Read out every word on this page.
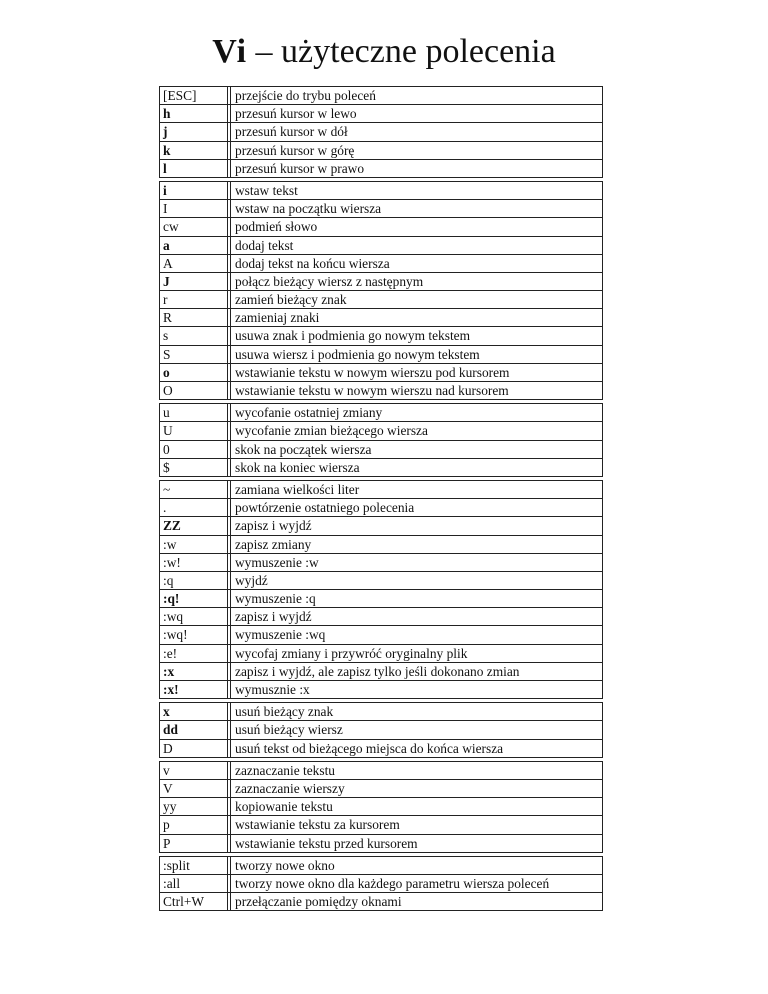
Vi – użyteczne polecenia
[ESC]	przejście do trybu poleceń
h	przesuń kursor w lewo
j	przesuń kursor w dół
k	przesuń kursor w górę
l	przesuń kursor w prawo
i	wstaw tekst
I	wstaw na początku wiersza
cw	podmień słowo
a	dodaj tekst
A	dodaj tekst na końcu wiersza
J	połącz bieżący wiersz z następnym
r	zamień bieżący znak
R	zamieniaj znaki
s	usuwa znak i podmienia go nowym tekstem
S	usuwa wiersz i podmienia go nowym tekstem
o	wstawianie tekstu w nowym wierszu pod kursorem
O	wstawianie tekstu w nowym wierszu nad kursorem
u	wycofanie ostatniej zmiany
U	wycofanie zmian bieżącego wiersza
0	skok na początek wiersza
$	skok na koniec wiersza
~	zamiana wielkości liter
.	powtórzenie ostatniego polecenia
ZZ	zapisz i wyjdź
:w	zapisz zmiany
:w!	wymuszenie :w
:q	wyjdź
:q!	wymuszenie :q
:wq	zapisz i wyjdź
:wq!	wymuszenie :wq
:e!	wycofaj zmiany i przywróć oryginalny plik
:x	zapisz i wyjdź, ale zapisz tylko jeśli dokonano zmian
:x!	wymusznie :x
x	usuń bieżący znak
dd	usuń bieżący wiersz
D	usuń tekst od bieżącego miejsca do końca wiersza
v	zaznaczanie tekstu
V	zaznaczanie wierszy
yy	kopiowanie tekstu
p	wstawianie tekstu za kursorem
P	wstawianie tekstu przed kursorem
:split	tworzy nowe okno
:all	tworzy nowe okno dla każdego parametru wiersza poleceń
Ctrl+W	przełączanie pomiędzy oknami
